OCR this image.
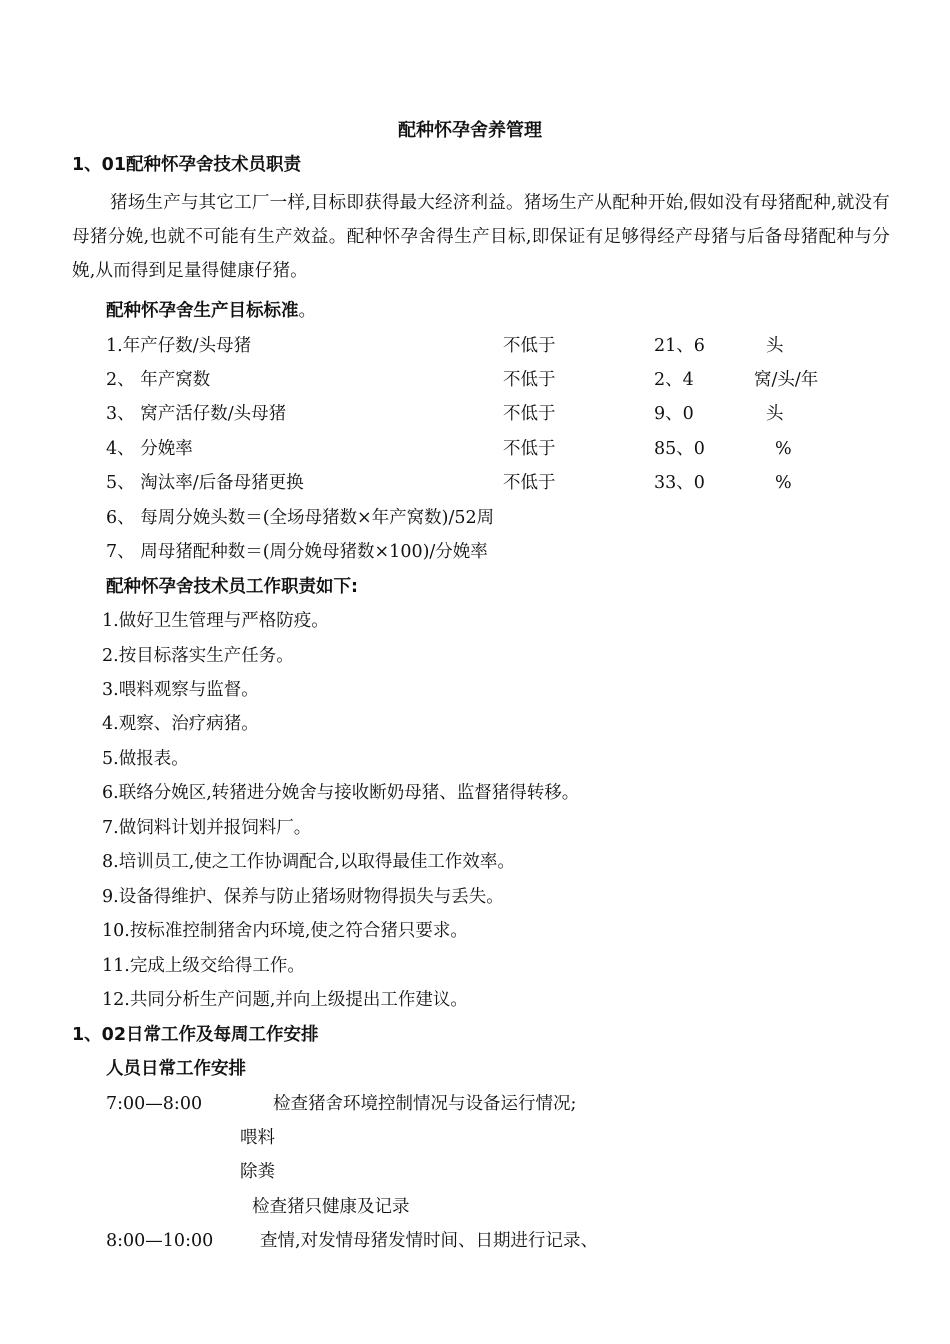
配种怀孕舍养管理
1、01配种怀孕舍技术员职责
猪场生产与其它工厂一样,目标即获得最大经济利益。猪场生产从配种开始,假如没有母猪配种,就没有母猪分娩,也就不可能有生产效益。配种怀孕舍得生产目标,即保证有足够得经产母猪与后备母猪配种与分娩,从而得到足量得健康仔猪。
配种怀孕舍生产目标标准。
1.年产仔数/头母猪	不低于	21、6	头
2、 年产窝数	不低于	2、4	窝/头/年
3、 窝产活仔数/头母猪	不低于	9、0	头
4、 分娩率	不低于	85、0	%
5、 淘汰率/后备母猪更换	不低于	33、0	%
6、 每周分娩头数＝(全场母猪数×年产窝数)/52周
7、 周母猪配种数＝(周分娩母猪数×100)/分娩率
配种怀孕舍技术员工作职责如下:
1.做好卫生管理与严格防疫。
2.按目标落实生产任务。
3.喂料观察与监督。
4.观察、治疗病猪。
5.做报表。
6.联络分娩区,转猪进分娩舍与接收断奶母猪、监督猪得转移。
7.做饲料计划并报饲料厂。
8.培训员工,使之工作协调配合,以取得最佳工作效率。
9.设备得维护、保养与防止猪场财物得损失与丢失。
10.按标准控制猪舍内环境,使之符合猪只要求。
11.完成上级交给得工作。
12.共同分析生产问题,并向上级提出工作建议。
1、02日常工作及每周工作安排
人员日常工作安排
7:00—8:00	检查猪舍环境控制情况与设备运行情况;
喂料
除粪
检查猪只健康及记录
8:00—10:00	查情,对发情母猪发情时间、日期进行记录、
